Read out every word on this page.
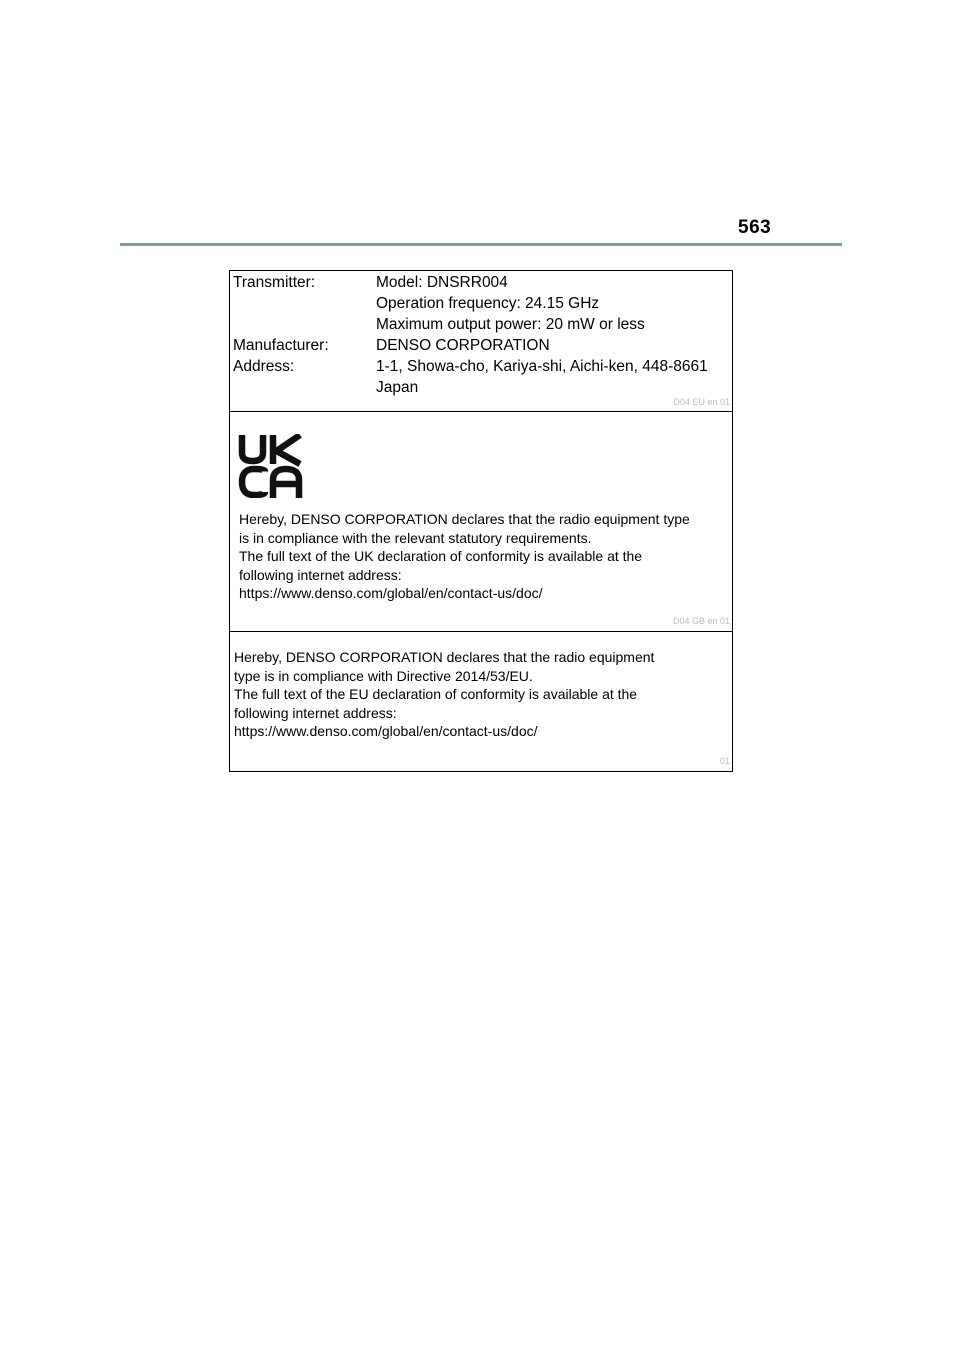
563
Transmitter:	Model: DNSRR004
Operation frequency: 24.15 GHz
Maximum output power: 20 mW or less
Manufacturer:	DENSO CORPORATION
Address:	1-1, Showa-cho, Kariya-shi, Aichi-ken, 448-8661
Japan
D04 EU en 01

Hereby, DENSO CORPORATION declares that the radio equipment type
is in compliance with the relevant statutory requirements.
The full text of the UK declaration of conformity is available at the
following internet address:
https://www.denso.com/global/en/contact-us/doc/

D04 GB en 01

Hereby, DENSO CORPORATION declares that the radio equipment
type is in compliance with Directive 2014/53/EU.
The full text of the EU declaration of conformity is available at the
following internet address:
https://www.denso.com/global/en/contact-us/doc/

01
